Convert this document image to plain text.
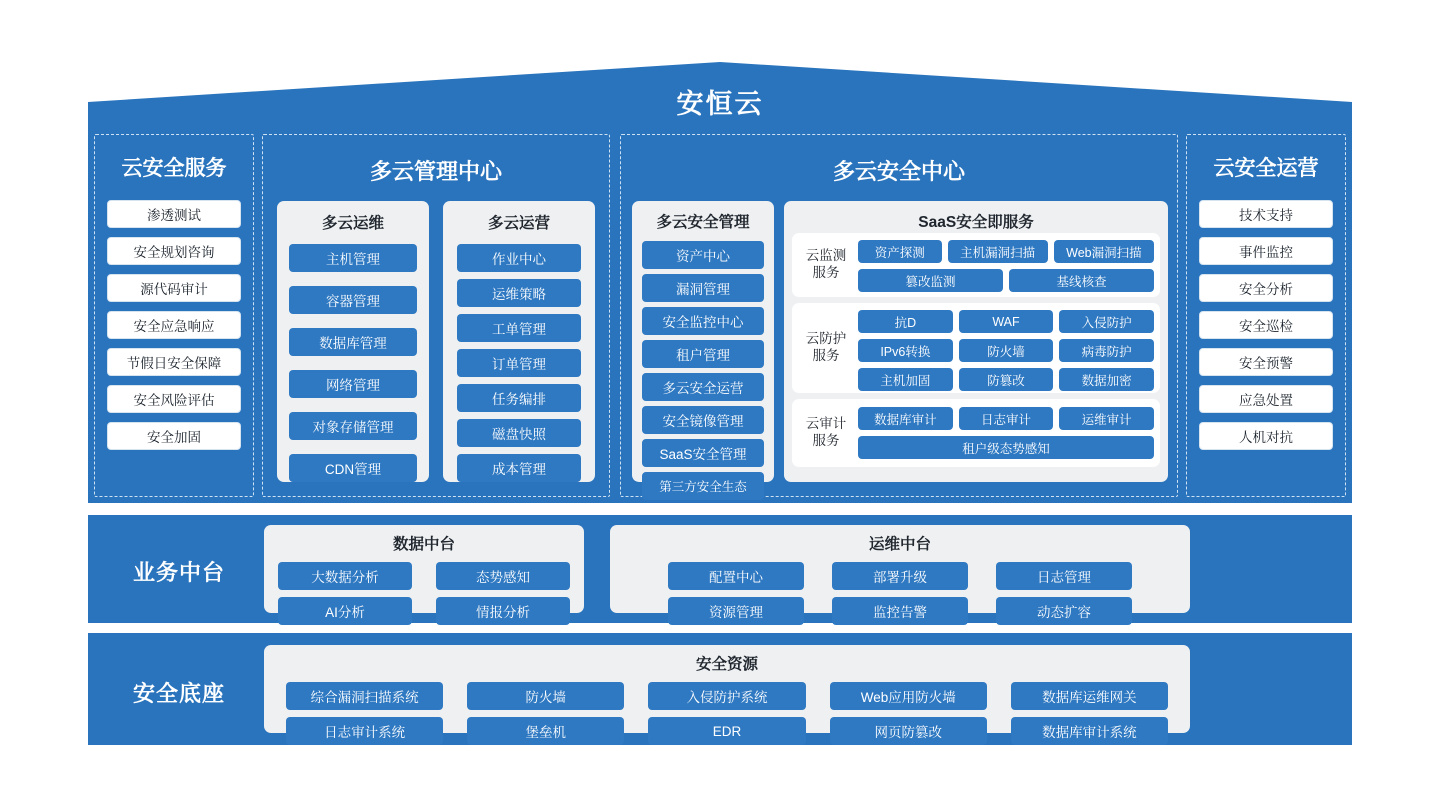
安恒云
云安全服务
渗透测试
安全规划咨询
源代码审计
安全应急响应
节假日安全保障
安全风险评估
安全加固
云安全运营
技术支持
事件监控
安全分析
安全巡检
安全预警
应急处置
人机对抗
多云管理中心
多云运维
主机管理
容器管理
数据库管理
网络管理
对象存储管理
CDN管理
多云运营
作业中心
运维策略
工单管理
订单管理
任务编排
磁盘快照
成本管理
多云安全中心
多云安全管理
资产中心
漏洞管理
安全监控中心
租户管理
多云安全运营
安全镜像管理
SaaS安全管理
第三方安全生态
SaaS安全即服务
云监测
服务
资产探测	主机漏洞扫描	Web漏洞扫描
篡改监测	基线核查
云防护
服务
抗D	WAF	入侵防护
IPv6转换	防火墙	病毒防护
主机加固	防篡改	数据加密
云审计
服务
数据库审计	日志审计	运维审计
租户级态势感知
业务中台
数据中台
大数据分析	态势感知
AI分析	情报分析
运维中台
配置中心	部署升级	日志管理
资源管理	监控告警	动态扩容
安全底座
安全资源
综合漏洞扫描系统	防火墙	入侵防护系统	Web应用防火墙	数据库运维网关
日志审计系统	堡垒机	EDR	网页防篡改	数据库审计系统
